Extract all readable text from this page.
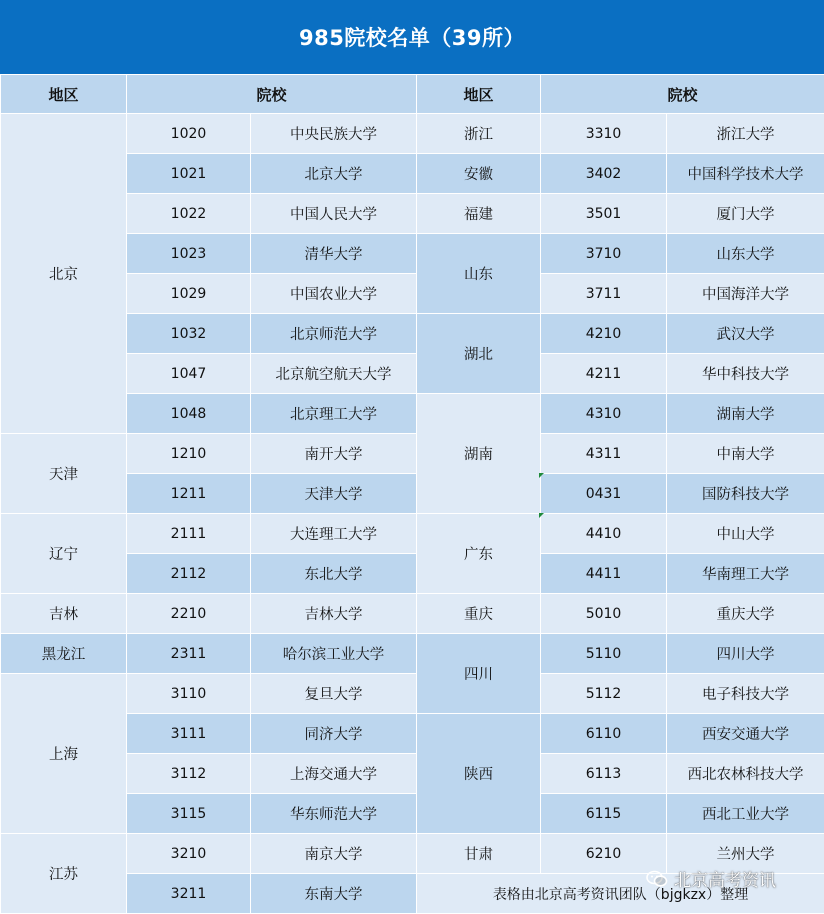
985院校名单（39所）
地区	院校		地区	院校	
北京	1020	中央民族大学	浙江	3310	浙江大学
	1021	北京大学	安徽	3402	中国科学技术大学
	1022	中国人民大学	福建	3501	厦门大学
	1023	清华大学	山东	3710	山东大学
	1029	中国农业大学		3711	中国海洋大学
	1032	北京师范大学	湖北	4210	武汉大学
	1047	北京航空航天大学		4211	华中科技大学
	1048	北京理工大学	湖南	4310	湖南大学
天津	1210	南开大学		4311	中南大学
	1211	天津大学		0431	国防科技大学
辽宁	2111	大连理工大学	广东	4410	中山大学
	2112	东北大学		4411	华南理工大学
吉林	2210	吉林大学	重庆	5010	重庆大学
黑龙江	2311	哈尔滨工业大学	四川	5110	四川大学
上海	3110	复旦大学		5112	电子科技大学
	3111	同济大学	陕西	6110	西安交通大学
	3112	上海交通大学		6113	西北农林科技大学
	3115	华东师范大学		6115	西北工业大学
江苏	3210	南京大学	甘肃	6210	兰州大学
	3211	东南大学	表格由北京高考资讯团队（bjgkzx）整理		
北京高考资讯
